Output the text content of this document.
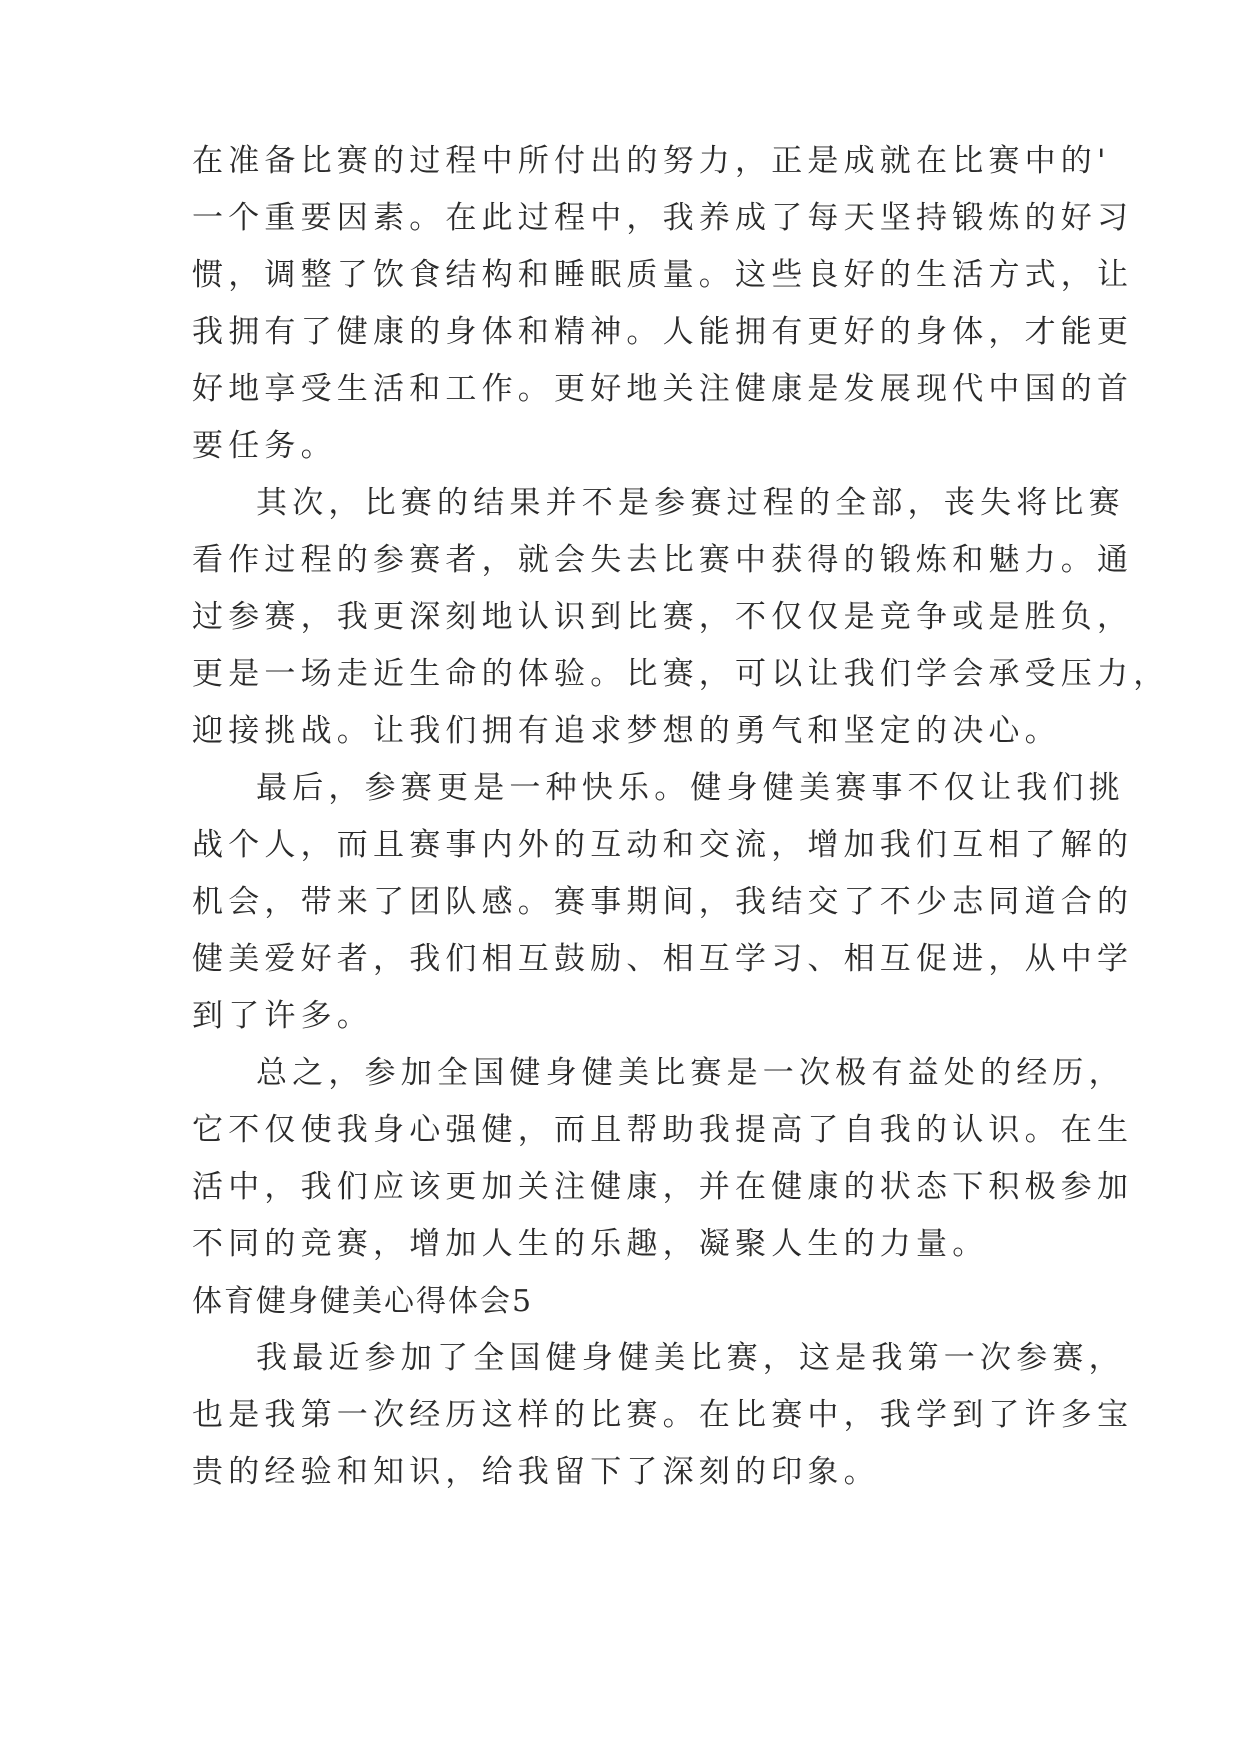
在准备比赛的过程中所付出的努力，正是成就在比赛中的'
一个重要因素。在此过程中，我养成了每天坚持锻炼的好习
惯，调整了饮食结构和睡眠质量。这些良好的生活方式，让
我拥有了健康的身体和精神。人能拥有更好的身体，才能更
好地享受生活和工作。更好地关注健康是发展现代中国的首
要任务。
其次，比赛的结果并不是参赛过程的全部，丧失将比赛
看作过程的参赛者，就会失去比赛中获得的锻炼和魅力。通
过参赛，我更深刻地认识到比赛，不仅仅是竞争或是胜负，
更是一场走近生命的体验。比赛，可以让我们学会承受压力，
迎接挑战。让我们拥有追求梦想的勇气和坚定的决心。
最后，参赛更是一种快乐。健身健美赛事不仅让我们挑
战个人，而且赛事内外的互动和交流，增加我们互相了解的
机会，带来了团队感。赛事期间，我结交了不少志同道合的
健美爱好者，我们相互鼓励、相互学习、相互促进，从中学
到了许多。
总之，参加全国健身健美比赛是一次极有益处的经历，
它不仅使我身心强健，而且帮助我提高了自我的认识。在生
活中，我们应该更加关注健康，并在健康的状态下积极参加
不同的竞赛，增加人生的乐趣，凝聚人生的力量。
体育健身健美心得体会5
我最近参加了全国健身健美比赛，这是我第一次参赛，
也是我第一次经历这样的比赛。在比赛中，我学到了许多宝
贵的经验和知识，给我留下了深刻的印象。
